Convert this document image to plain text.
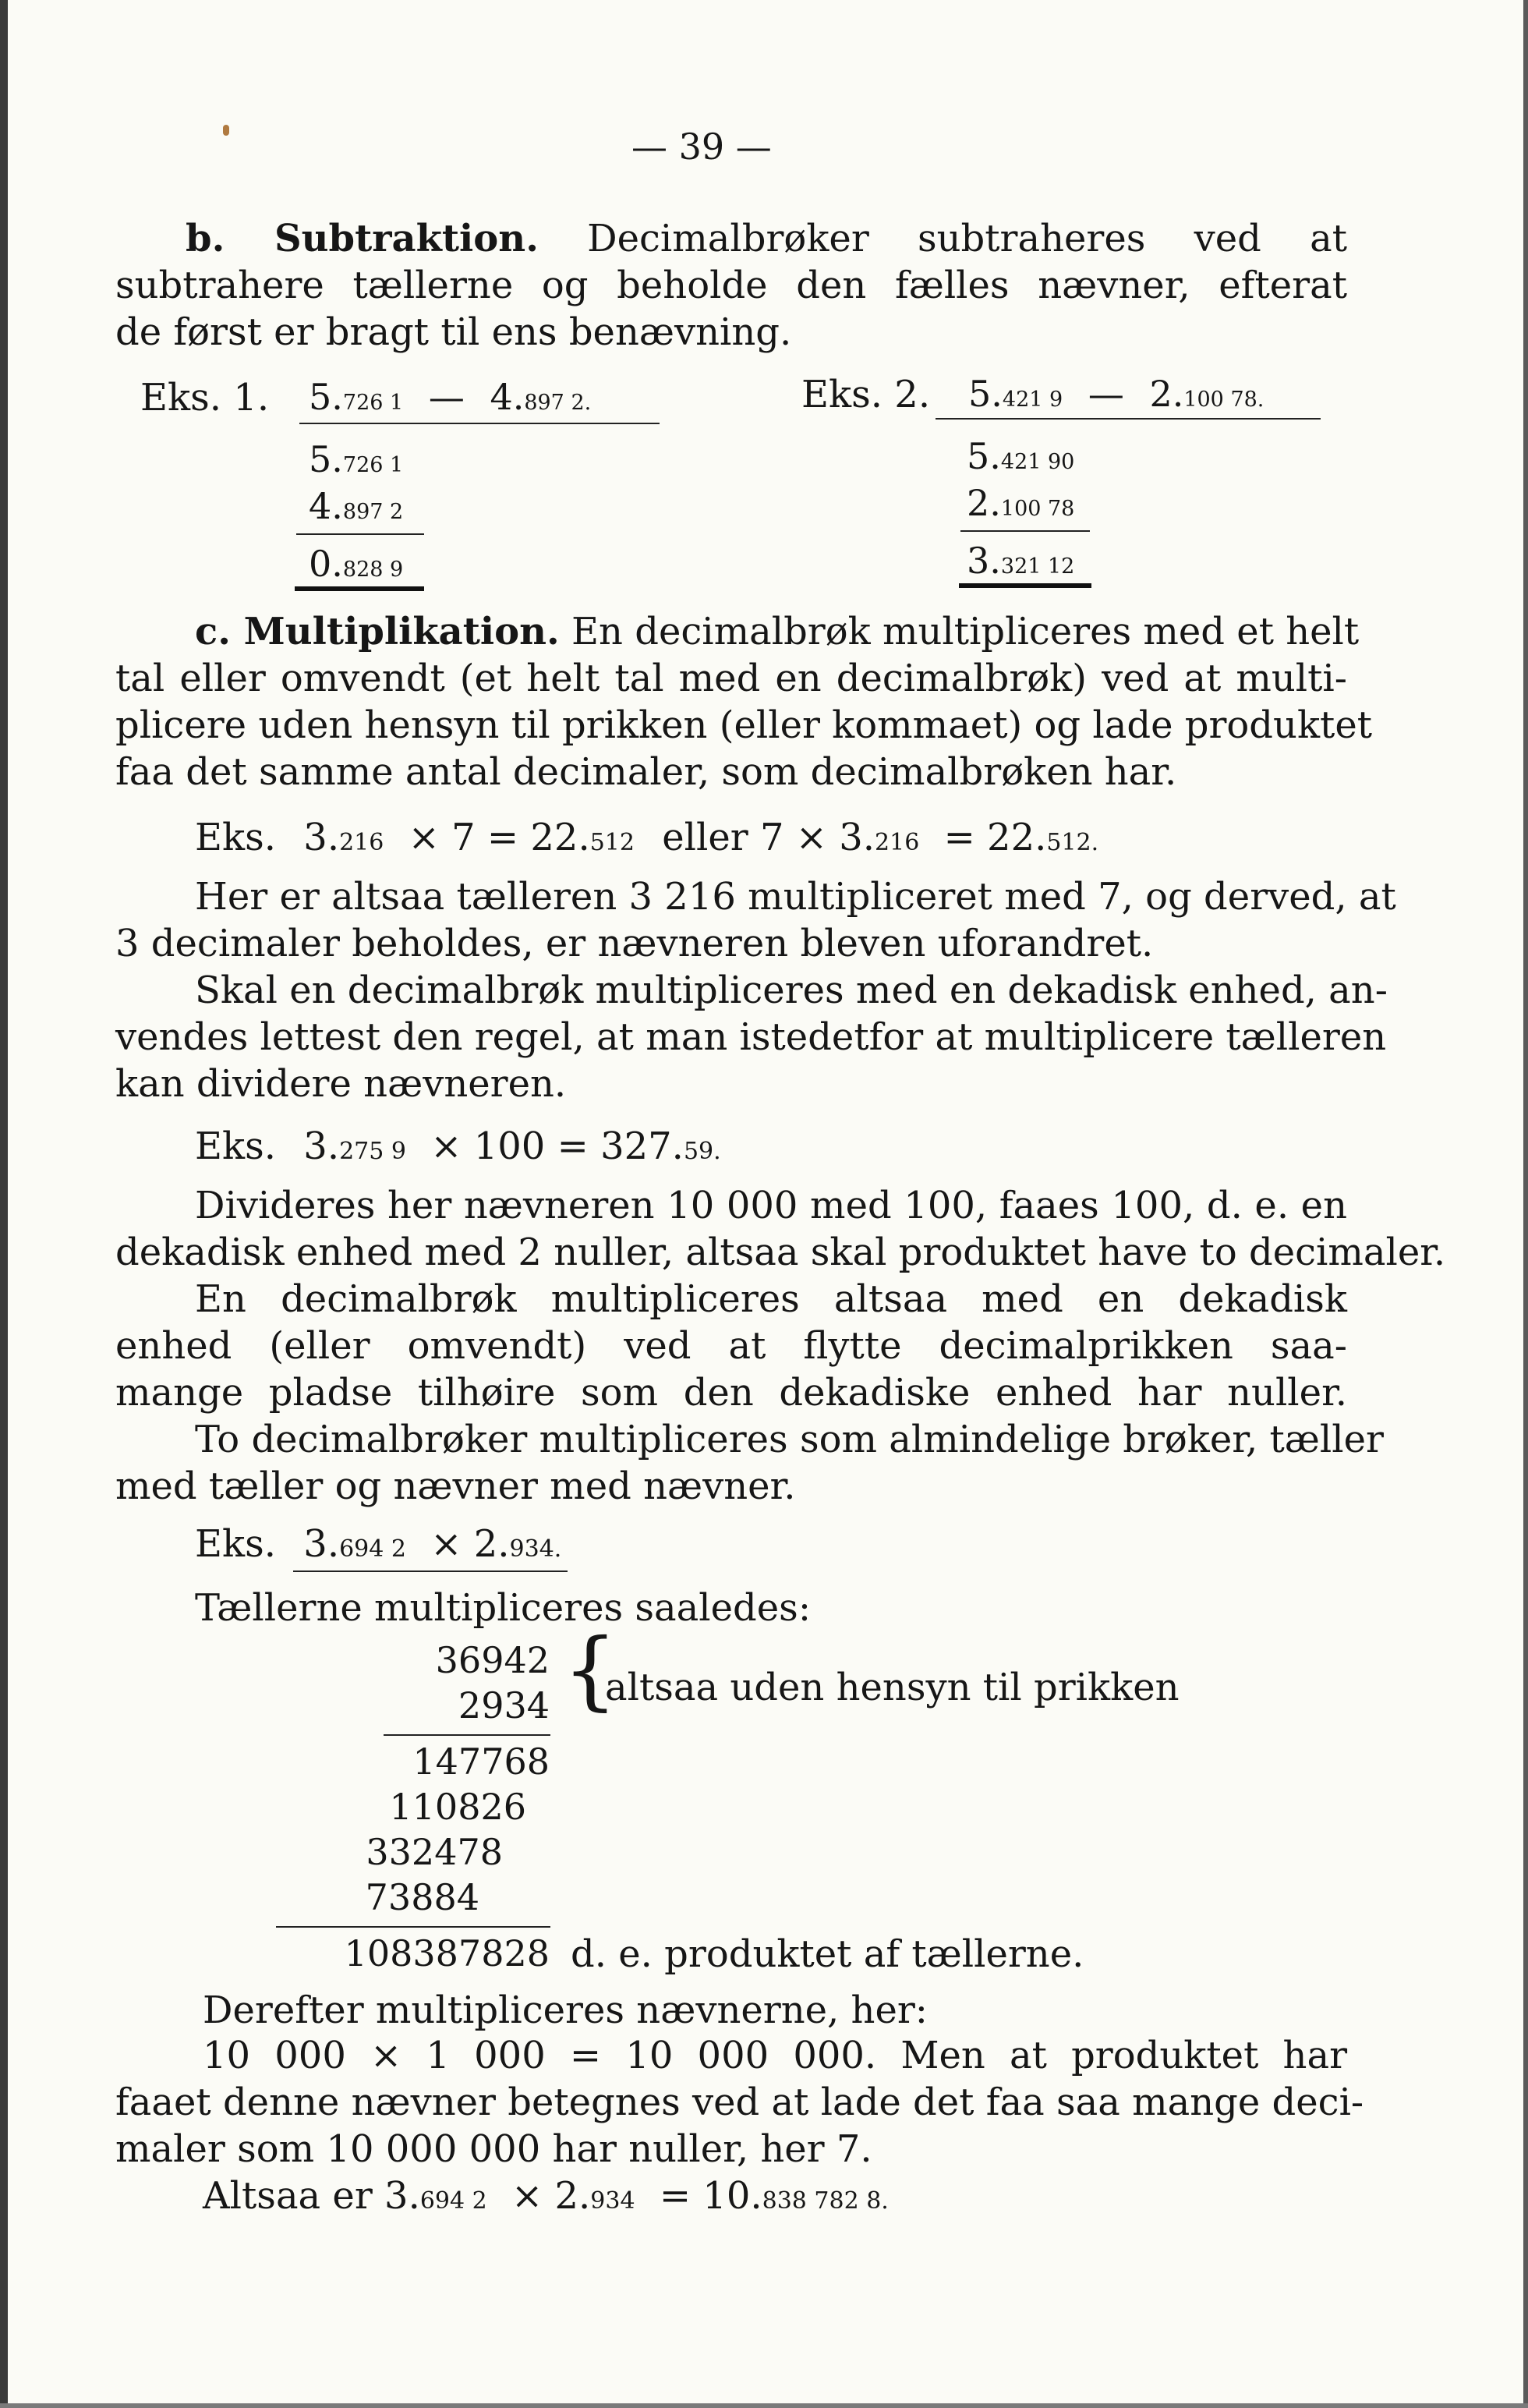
— 39 —
b. Subtraktion. Decimalbrøker subtraheres ved at
subtrahere tællerne og beholde den fælles nævner, efterat
de først er bragt til ens benævning.
Eks. 1. 5.726 1 — 4.897 2.
5.726 1
4.897 2
0.828 9
Eks. 2. 5.421 9 — 2.100 78.
5.421 90
2.100 78
3.321 12
c. Multiplikation. En decimalbrøk multipliceres med et helt
tal eller omvendt (et helt tal med en decimalbrøk) ved at multi-
plicere uden hensyn til prikken (eller kommaet) og lade produktet
faa det samme antal decimaler, som decimalbrøken har.
Eks. 3.216 × 7 = 22.512 eller 7 × 3.216 = 22.512.
Her er altsaa tælleren 3 216 multipliceret med 7, og derved, at
3 decimaler beholdes, er nævneren bleven uforandret.
Skal en decimalbrøk multipliceres med en dekadisk enhed, an-
vendes lettest den regel, at man istedetfor at multiplicere tælleren
kan dividere nævneren.
Eks. 3.275 9 × 100 = 327.59.
Divideres her nævneren 10 000 med 100, faaes 100, d. e. en
dekadisk enhed med 2 nuller, altsaa skal produktet have to decimaler.
En decimalbrøk multipliceres altsaa med en dekadisk
enhed (eller omvendt) ved at flytte decimalprikken saa-
mange pladse tilhøire som den dekadiske enhed har nuller.
To decimalbrøker multipliceres som almindelige brøker, tæller
med tæller og nævner med nævner.
Eks. 3.694 2 × 2.934.
Tællerne multipliceres saaledes:
36942
2934 {
altsaa uden hensyn til prikken
147768
110826
332478
73884
108387828 d. e. produktet af tællerne.
Derefter multipliceres nævnerne, her:
10 000 × 1 000 = 10 000 000. Men at produktet har
faaet denne nævner betegnes ved at lade det faa saa mange deci-
maler som 10 000 000 har nuller, her 7.
Altsaa er 3.694 2 × 2.934 = 10.838 782 8.
